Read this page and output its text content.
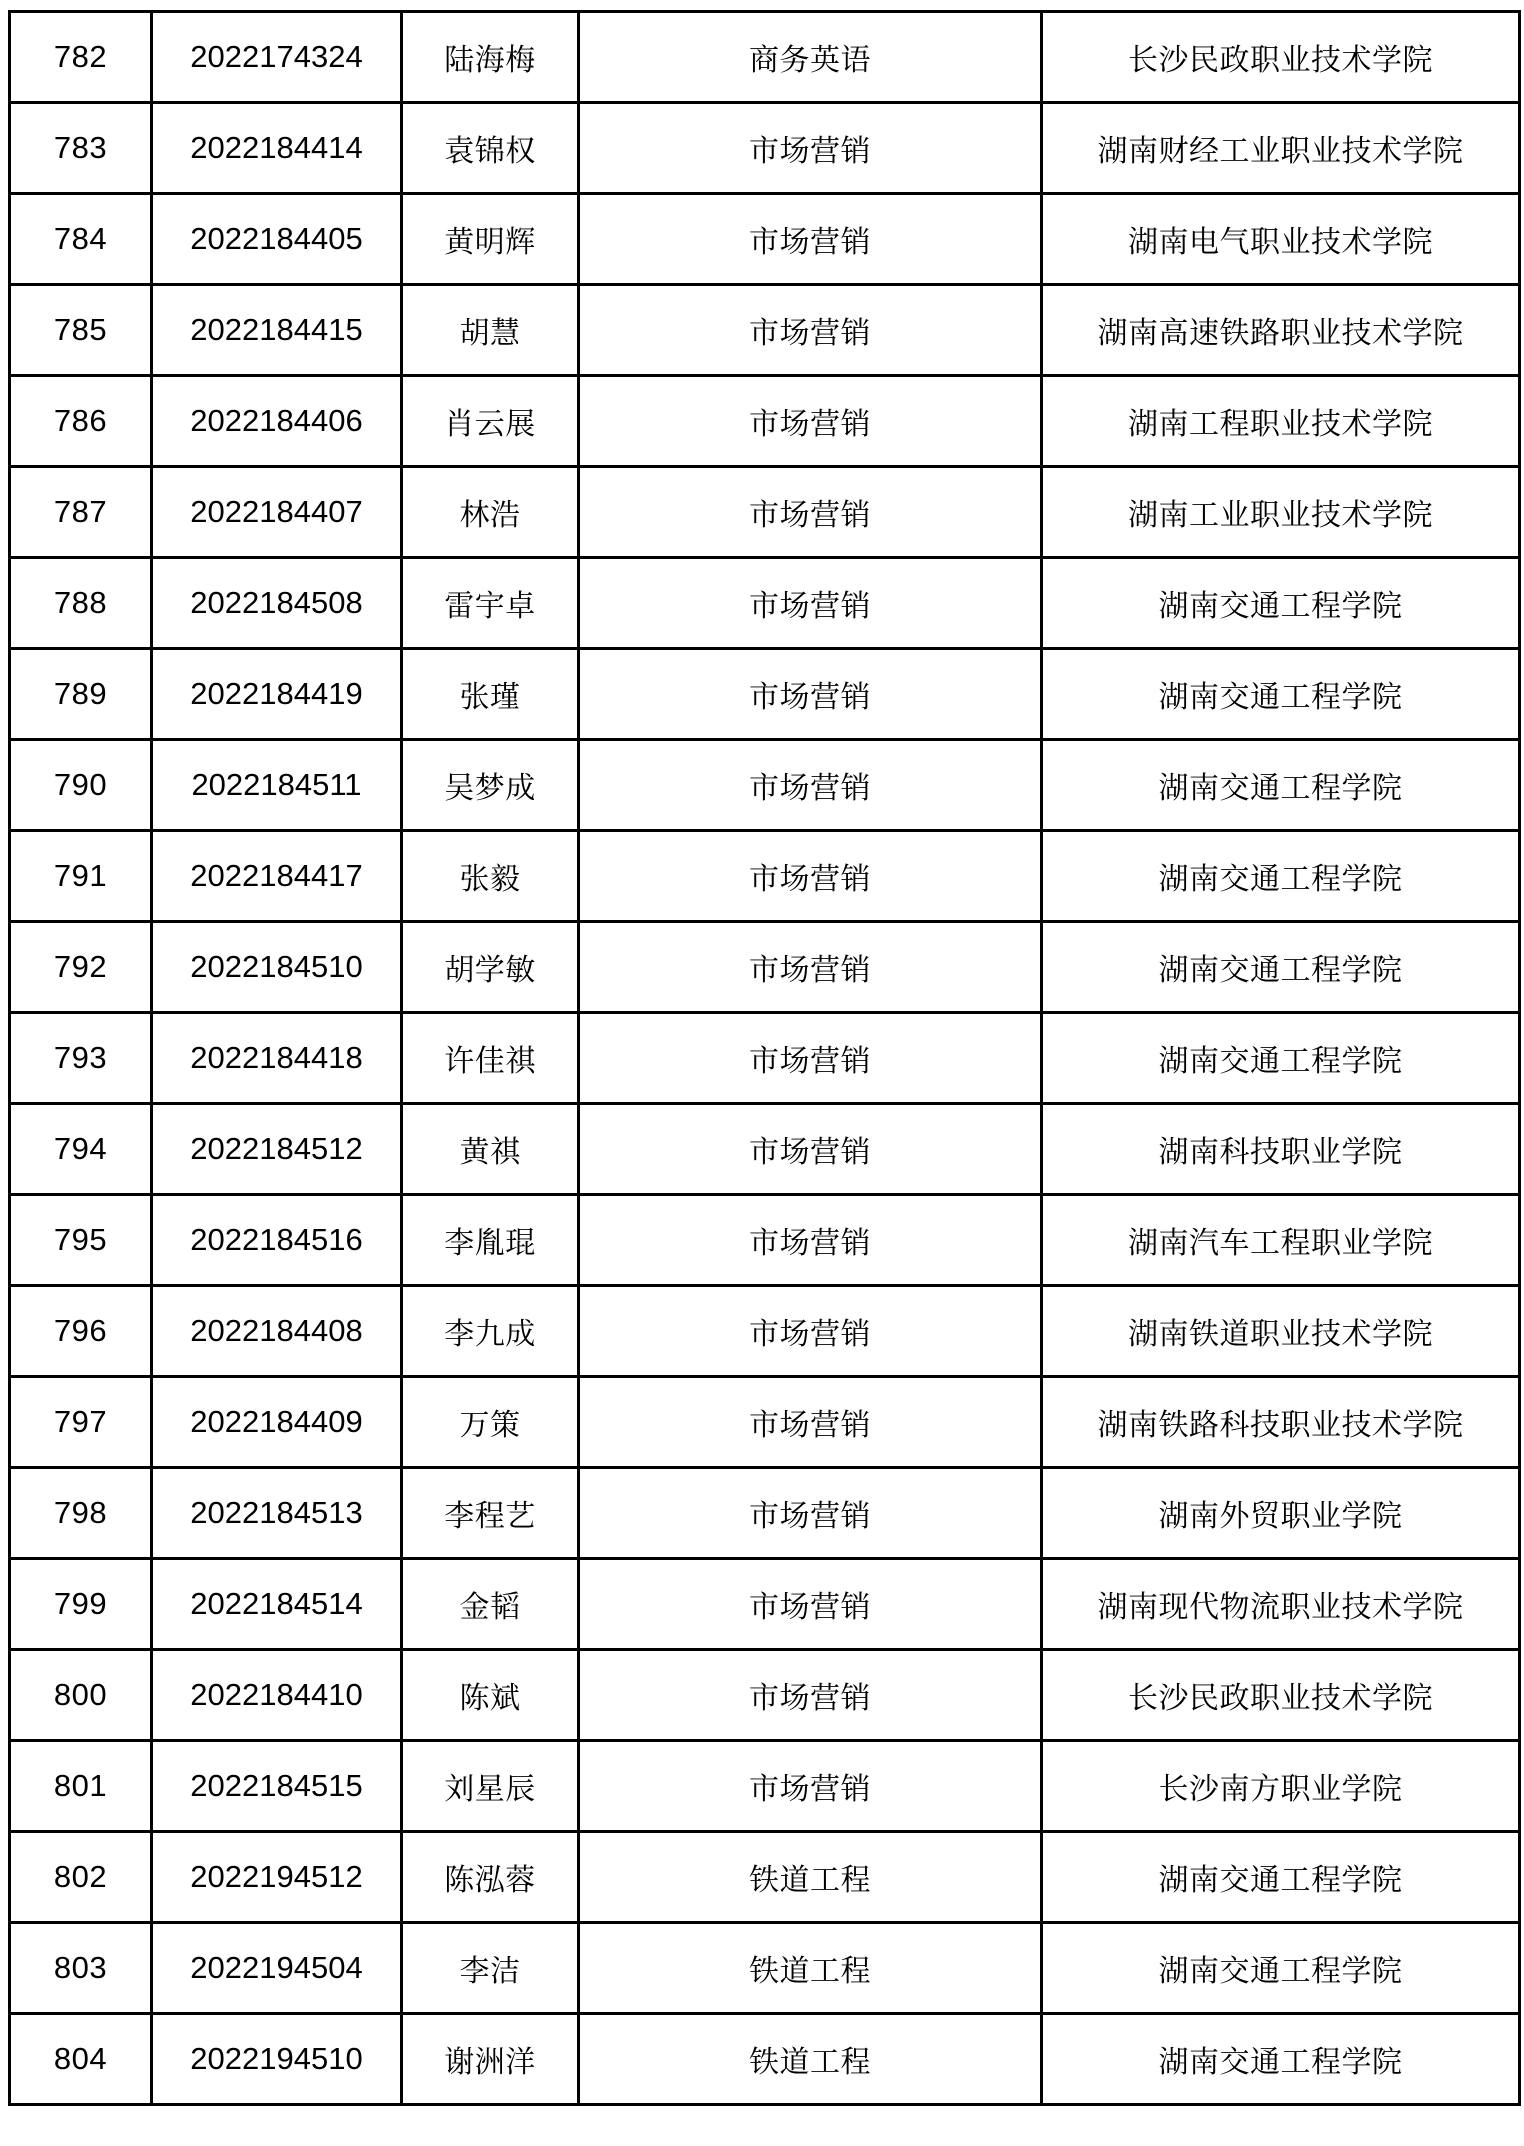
782	2022174324	陆海梅	商务英语	长沙民政职业技术学院
783	2022184414	袁锦权	市场营销	湖南财经工业职业技术学院
784	2022184405	黄明辉	市场营销	湖南电气职业技术学院
785	2022184415	胡慧	市场营销	湖南高速铁路职业技术学院
786	2022184406	肖云展	市场营销	湖南工程职业技术学院
787	2022184407	林浩	市场营销	湖南工业职业技术学院
788	2022184508	雷宇卓	市场营销	湖南交通工程学院
789	2022184419	张瑾	市场营销	湖南交通工程学院
790	2022184511	吴梦成	市场营销	湖南交通工程学院
791	2022184417	张毅	市场营销	湖南交通工程学院
792	2022184510	胡学敏	市场营销	湖南交通工程学院
793	2022184418	许佳祺	市场营销	湖南交通工程学院
794	2022184512	黄祺	市场营销	湖南科技职业学院
795	2022184516	李胤琨	市场营销	湖南汽车工程职业学院
796	2022184408	李九成	市场营销	湖南铁道职业技术学院
797	2022184409	万策	市场营销	湖南铁路科技职业技术学院
798	2022184513	李程艺	市场营销	湖南外贸职业学院
799	2022184514	金韬	市场营销	湖南现代物流职业技术学院
800	2022184410	陈斌	市场营销	长沙民政职业技术学院
801	2022184515	刘星辰	市场营销	长沙南方职业学院
802	2022194512	陈泓蓉	铁道工程	湖南交通工程学院
803	2022194504	李洁	铁道工程	湖南交通工程学院
804	2022194510	谢洲洋	铁道工程	湖南交通工程学院
